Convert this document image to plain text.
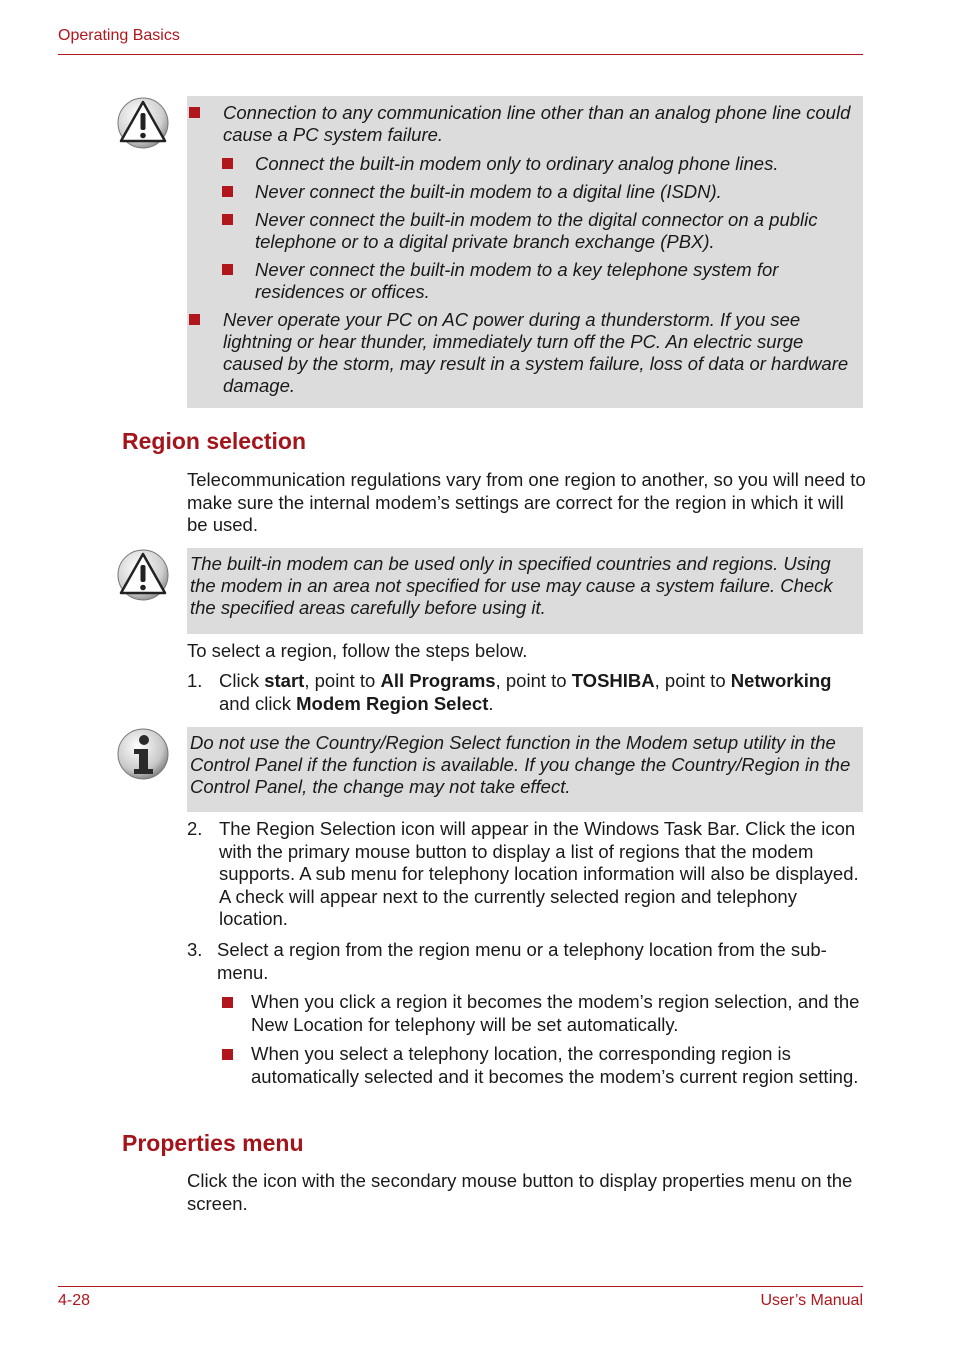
Operating Basics
Connection to any communication line other than an analog phone line could cause a PC system failure.
Connect the built-in modem only to ordinary analog phone lines.
Never connect the built-in modem to a digital line (ISDN).
Never connect the built-in modem to the digital connector on a public telephone or to a digital private branch exchange (PBX).
Never connect the built-in modem to a key telephone system for residences or offices.
Never operate your PC on AC power during a thunderstorm. If you see lightning or hear thunder, immediately turn off the PC. An electric surge caused by the storm, may result in a system failure, loss of data or hardware damage.
Region selection

Telecommunication regulations vary from one region to another, so you will need to make sure the internal modem’s settings are correct for the region in which it will be used.

The built-in modem can be used only in specified countries and regions. Using the modem in an area not specified for use may cause a system failure. Check the specified areas carefully before using it.

To select a region, follow the steps below.

1. Click start, point to All Programs, point to TOSHIBA, point to Networking and click Modem Region Select.

Do not use the Country/Region Select function in the Modem setup utility in the Control Panel if the function is available. If you change the Country/Region in the Control Panel, the change may not take effect.

2. The Region Selection icon will appear in the Windows Task Bar. Click the icon with the primary mouse button to display a list of regions that the modem supports. A sub menu for telephony location information will also be displayed. A check will appear next to the currently selected region and telephony location.
3. Select a region from the region menu or a telephony location from the sub-menu.
When you click a region it becomes the modem’s region selection, and the New Location for telephony will be set automatically.
When you select a telephony location, the corresponding region is automatically selected and it becomes the modem’s current region setting.
Properties menu

Click the icon with the secondary mouse button to display properties menu on the screen.

4-28	User’s Manual
